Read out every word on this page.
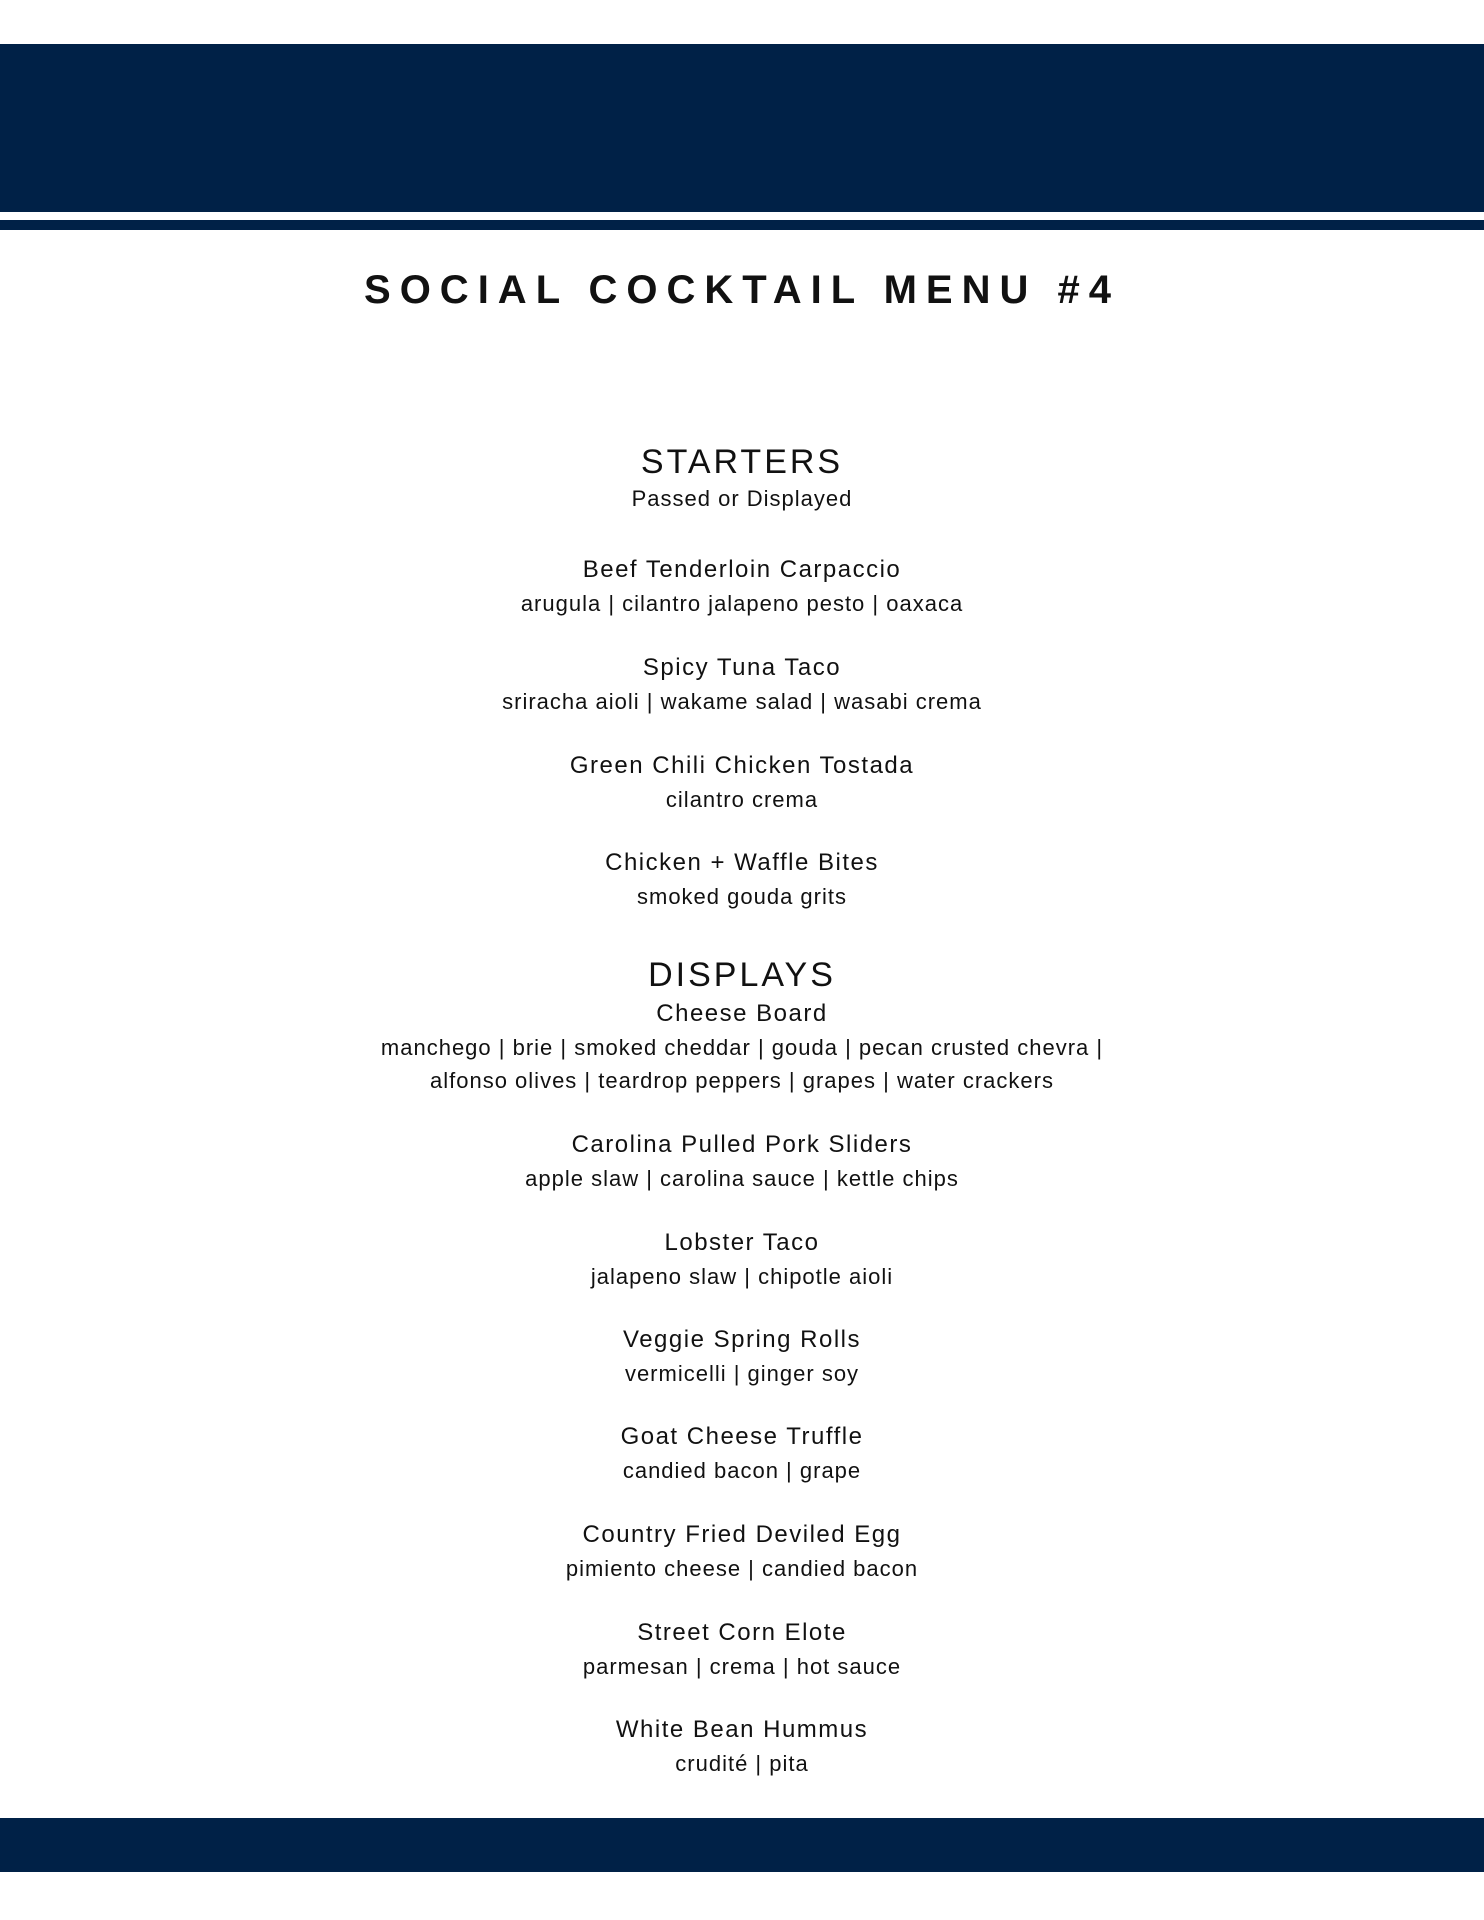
SOCIAL COCKTAIL MENU #4
STARTERS
Passed or Displayed
Beef Tenderloin Carpaccio
arugula | cilantro jalapeno pesto | oaxaca
Spicy Tuna Taco
sriracha aioli | wakame salad | wasabi crema
Green Chili Chicken Tostada
cilantro crema
Chicken + Waffle Bites
smoked gouda grits
DISPLAYS
Cheese Board
manchego | brie | smoked cheddar | gouda | pecan crusted chevra |
alfonso olives | teardrop peppers | grapes | water crackers
Carolina Pulled Pork Sliders
apple slaw | carolina sauce | kettle chips
Lobster Taco
jalapeno slaw | chipotle aioli
Veggie Spring Rolls
vermicelli | ginger soy
Goat Cheese Truffle
candied bacon | grape
Country Fried Deviled Egg
pimiento cheese | candied bacon
Street Corn Elote
parmesan | crema | hot sauce
White Bean Hummus
crudité | pita
